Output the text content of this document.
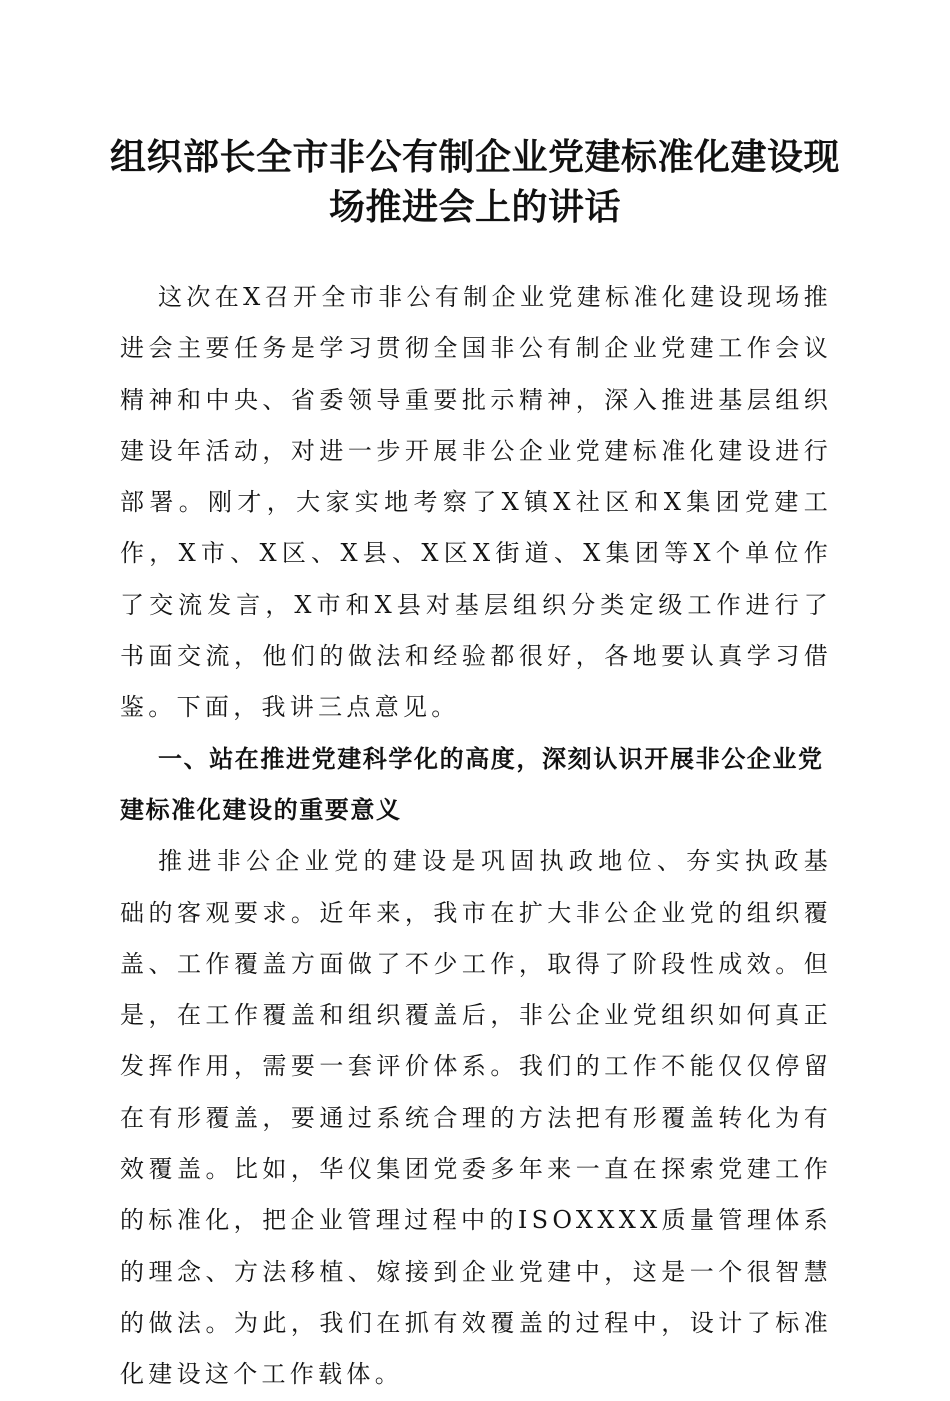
组织部长全市非公有制企业党建标准化建设现
场推进会上的讲话

这次在X召开全市非公有制企业党建标准化建设现场推进会主要任务是学习贯彻全国非公有制企业党建工作会议精神和中央、省委领导重要批示精神，深入推进基层组织建设年活动，对进一步开展非公企业党建标准化建设进行部署。刚才，大家实地考察了X镇X社区和X集团党建工作，X市、X区、X县、X区X街道、X集团等X个单位作了交流发言，X市和X县对基层组织分类定级工作进行了书面交流，他们的做法和经验都很好，各地要认真学习借鉴。下面，我讲三点意见。

一、站在推进党建科学化的高度，深刻认识开展非公企业党建标准化建设的重要意义

推进非公企业党的建设是巩固执政地位、夯实执政基础的客观要求。近年来，我市在扩大非公企业党的组织覆盖、工作覆盖方面做了不少工作，取得了阶段性成效。但是，在工作覆盖和组织覆盖后，非公企业党组织如何真正发挥作用，需要一套评价体系。我们的工作不能仅仅停留在有形覆盖，要通过系统合理的方法把有形覆盖转化为有效覆盖。比如，华仪集团党委多年来一直在探索党建工作的标准化，把企业管理过程中的ISOXXXX质量管理体系的理念、方法移植、嫁接到企业党建中，这是一个很智慧的做法。为此，我们在抓有效覆盖的过程中，设计了标准化建设这个工作载体。
